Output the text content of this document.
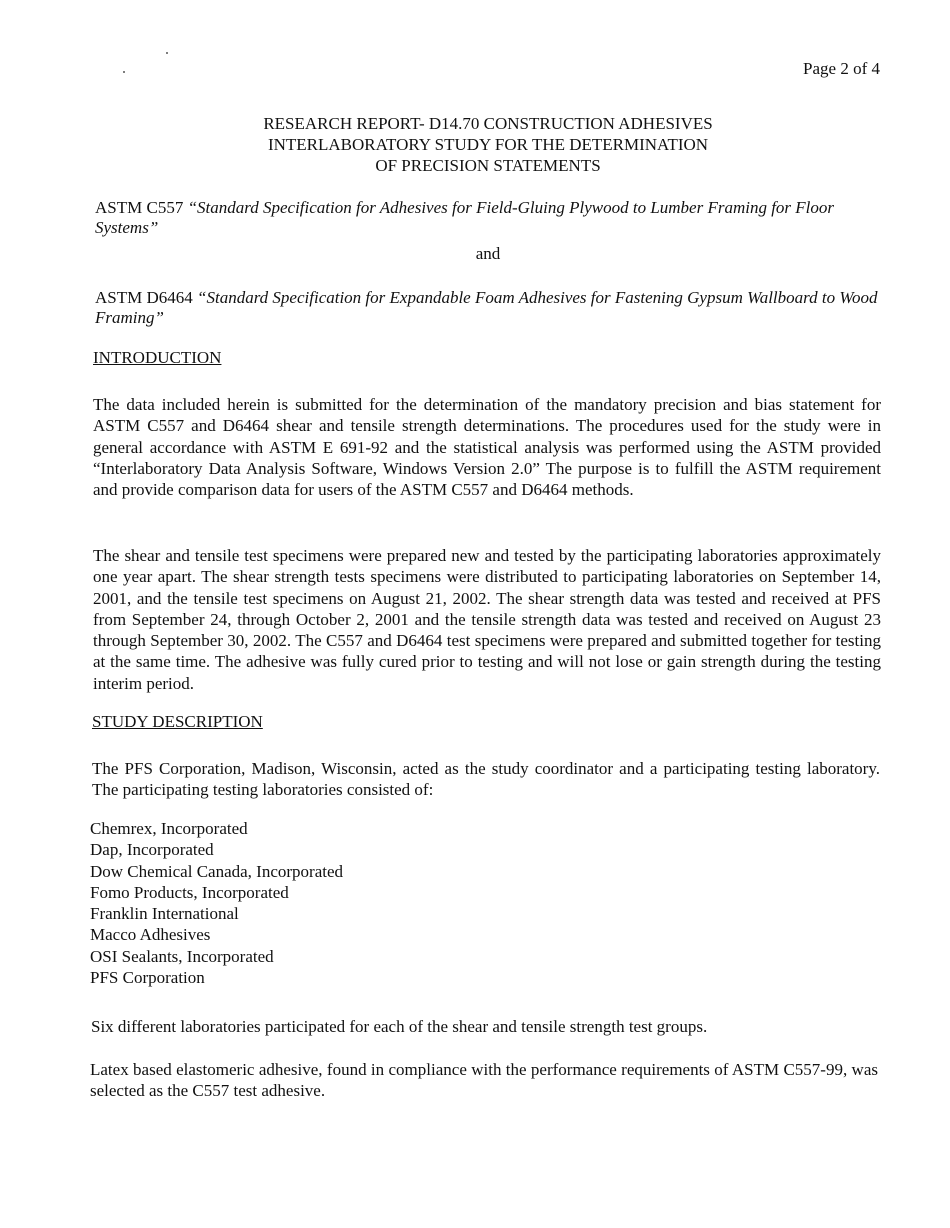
Page 2 of 4
RESEARCH REPORT- D14.70 CONSTRUCTION ADHESIVES
INTERLABORATORY STUDY FOR THE DETERMINATION
OF PRECISION STATEMENTS
ASTM C557 “Standard Specification for Adhesives for Field-Gluing Plywood to Lumber Framing for Floor Systems”
and
ASTM D6464 “Standard Specification for Expandable Foam Adhesives for Fastening Gypsum Wallboard to Wood Framing”
INTRODUCTION

The data included herein is submitted for the determination of the mandatory precision and bias statement for ASTM C557 and D6464 shear and tensile strength determinations. The procedures used for the study were in general accordance with ASTM E 691-92 and the statistical analysis was performed using the ASTM provided “Interlaboratory Data Analysis Software, Windows Version 2.0” The purpose is to fulfill the ASTM requirement and provide comparison data for users of the ASTM C557 and D6464 methods.

The shear and tensile test specimens were prepared new and tested by the participating laboratories approximately one year apart. The shear strength tests specimens were distributed to participating laboratories on September 14, 2001, and the tensile test specimens on August 21, 2002. The shear strength data was tested and received at PFS from September 24, through October 2, 2001 and the tensile strength data was tested and received on August 23 through September 30, 2002. The C557 and D6464 test specimens were prepared and submitted together for testing at the same time. The adhesive was fully cured prior to testing and will not lose or gain strength during the testing interim period.

STUDY DESCRIPTION

The PFS Corporation, Madison, Wisconsin, acted as the study coordinator and a participating testing laboratory. The participating testing laboratories consisted of:

Chemrex, Incorporated
Dap, Incorporated
Dow Chemical Canada, Incorporated
Fomo Products, Incorporated
Franklin International
Macco Adhesives
OSI Sealants, Incorporated
PFS Corporation

Six different laboratories participated for each of the shear and tensile strength test groups.

Latex based elastomeric adhesive, found in compliance with the performance requirements of ASTM C557-99, was selected as the C557 test adhesive.
